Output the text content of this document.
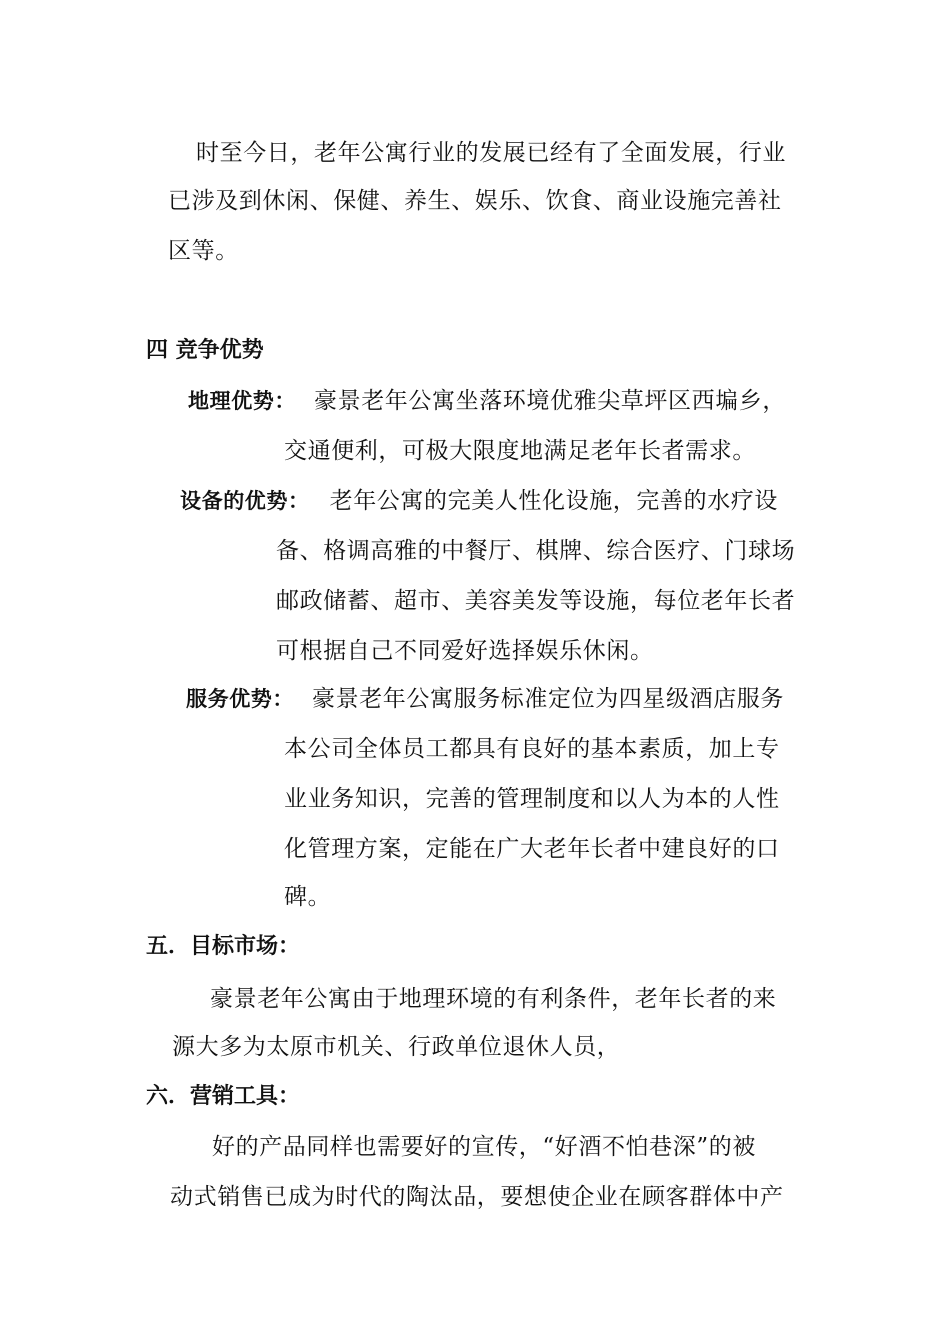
时至今日，老年公寓行业的发展已经有了全面发展，行业
已涉及到休闲、保健、养生、娱乐、饮食、商业设施完善社
区等。
四 竞争优势
地理优势： 豪景老年公寓坐落环境优雅尖草坪区西𡎚乡，
交通便利，可极大限度地满足老年长者需求。
设备的优势： 老年公寓的完美人性化设施，完善的水疗设
备、格调高雅的中餐厅、棋牌、综合医疗、门球场
邮政储蓄、超市、美容美发等设施，每位老年长者
可根据自己不同爱好选择娱乐休闲。
服务优势： 豪景老年公寓服务标准定位为四星级酒店服务
本公司全体员工都具有良好的基本素质，加上专
业业务知识，完善的管理制度和以人为本的人性
化管理方案，定能在广大老年长者中建良好的口
碑。
五．目标市场：
豪景老年公寓由于地理环境的有利条件，老年长者的来
源大多为太原市机关、行政单位退休人员，
六．营销工具：
好的产品同样也需要好的宣传，“好酒不怕巷深”的被
动式销售已成为时代的陶汰品，要想使企业在顾客群体中产
